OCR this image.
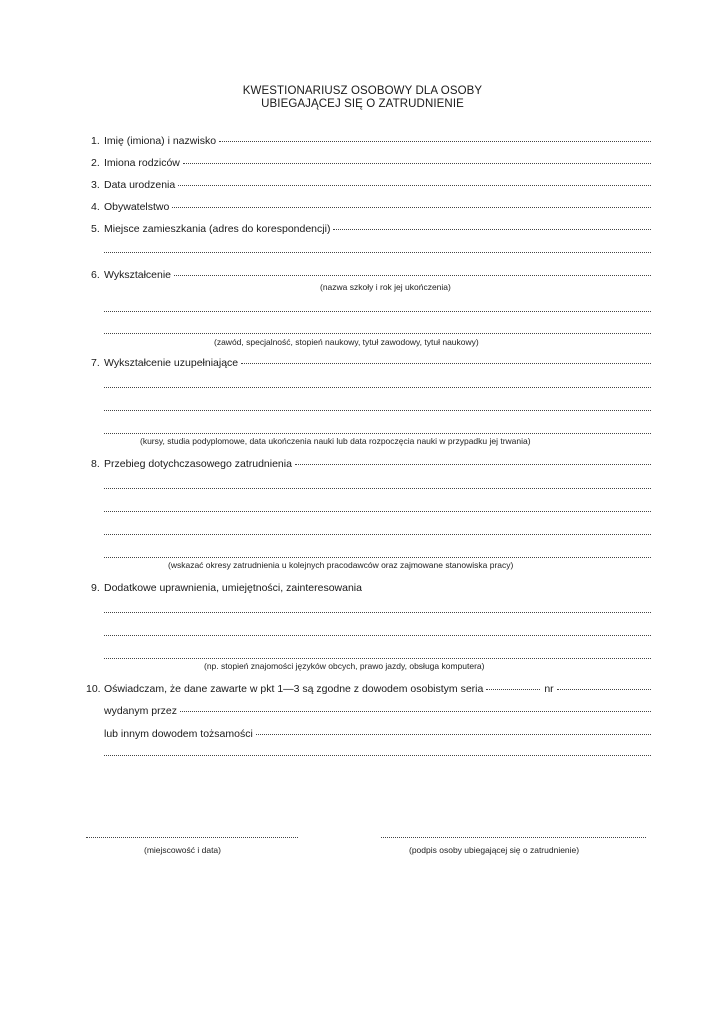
KWESTIONARIUSZ OSOBOWY DLA OSOBY
UBIEGAJĄCEJ SIĘ O ZATRUDNIENIE
1. Imię (imiona) i nazwisko
2. Imiona rodziców
3. Data urodzenia
4. Obywatelstwo
5. Miejsce zamieszkania (adres do korespondencji)
6. Wykształcenie
(nazwa szkoły i rok jej ukończenia)
(zawód, specjalność, stopień naukowy, tytuł zawodowy, tytuł naukowy)
7. Wykształcenie uzupełniające
(kursy, studia podyplomowe, data ukończenia nauki lub data rozpoczęcia nauki w przypadku jej trwania)
8. Przebieg dotychczasowego zatrudnienia
(wskazać okresy zatrudnienia u kolejnych pracodawców oraz zajmowane stanowiska pracy)
9. Dodatkowe uprawnienia, umiejętności, zainteresowania
(np. stopień znajomości języków obcych, prawo jazdy, obsługa komputera)
10. Oświadczam, że dane zawarte w pkt 1—3 są zgodne z dowodem osobistym seria	nr
wydanym przez
lub innym dowodem tożsamości
(miejscowość i data)	(podpis osoby ubiegającej się o zatrudnienie)
